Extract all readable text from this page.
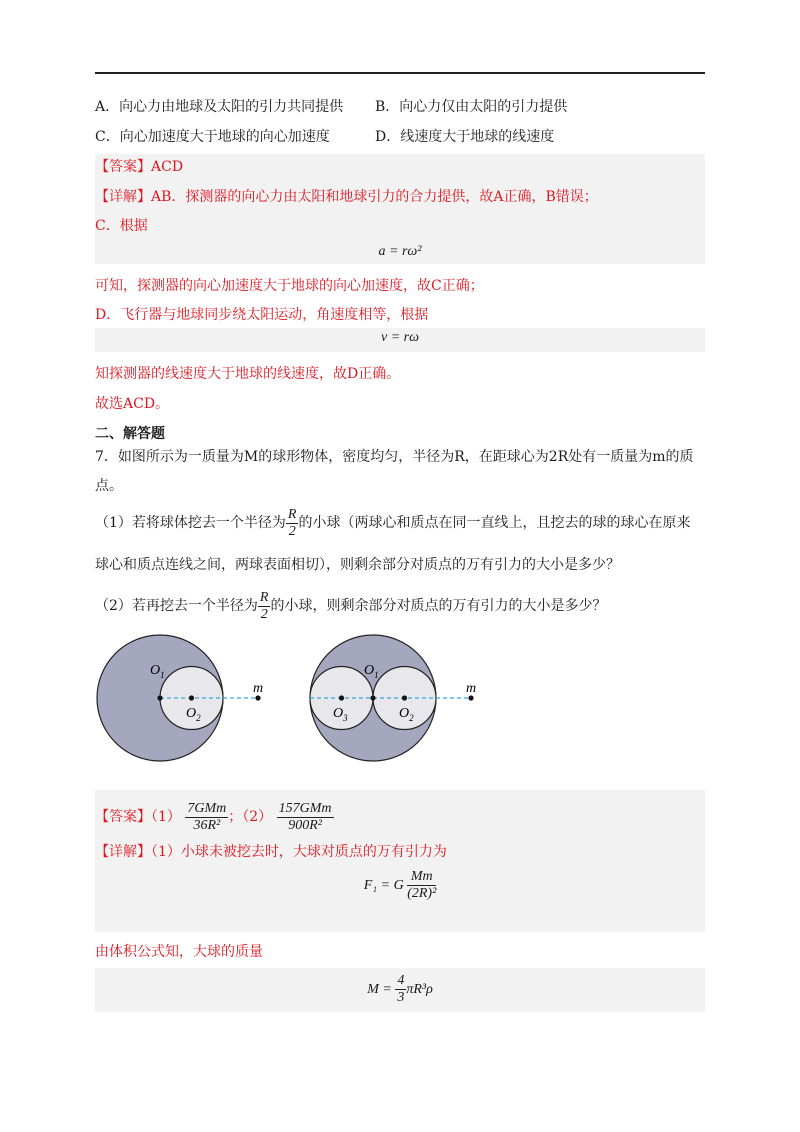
A．向心力由地球及太阳的引力共同提供 B．向心力仅由太阳的引力提供
C．向心加速度大于地球的向心加速度	D．线速度大于地球的线速度
【答案】ACD
【详解】AB．探测器的向心力由太阳和地球引力的合力提供，故A正确，B错误；
C．根据
a = rω²
可知，探测器的向心加速度大于地球的向心加速度，故C正确；
D．飞行器与地球同步绕太阳运动，角速度相等，根据
v = rω
知探测器的线速度大于地球的线速度，故D正确。
故选ACD。
二、解答题
7．如图所示为一质量为M的球形物体，密度均匀，半径为R，在距球心为2R处有一质量为m的质
点。
（1）若将球体挖去一个半径为 $\frac{R}{2}$ 的小球（两球心和质点在同一直线上，且挖去的球的球心在原来
球心和质点连线之间，两球表面相切），则剩余部分对质点的万有引力的大小是多少？
（2）若再挖去一个半径为 $\frac{R}{2}$ 的小球，则剩余部分对质点的万有引力的大小是多少？
$O_1$
$O_2$
m
$O_1$
$O_2$
$O_3$
m
【答案】$(1) \frac{\text{7GMm}}{\text{36R²}}$ ；$(2) \frac{\text{157GMm}}{\text{900R²}}$
【详解】（1）小球未被挖去时，大球对质点的万有引力为
F₁ = G $\frac{Mm}{\text{(2R)²}}$
由体积公式知，大球的质量
$M = \frac{4}{3} \pi R^3\rho$
